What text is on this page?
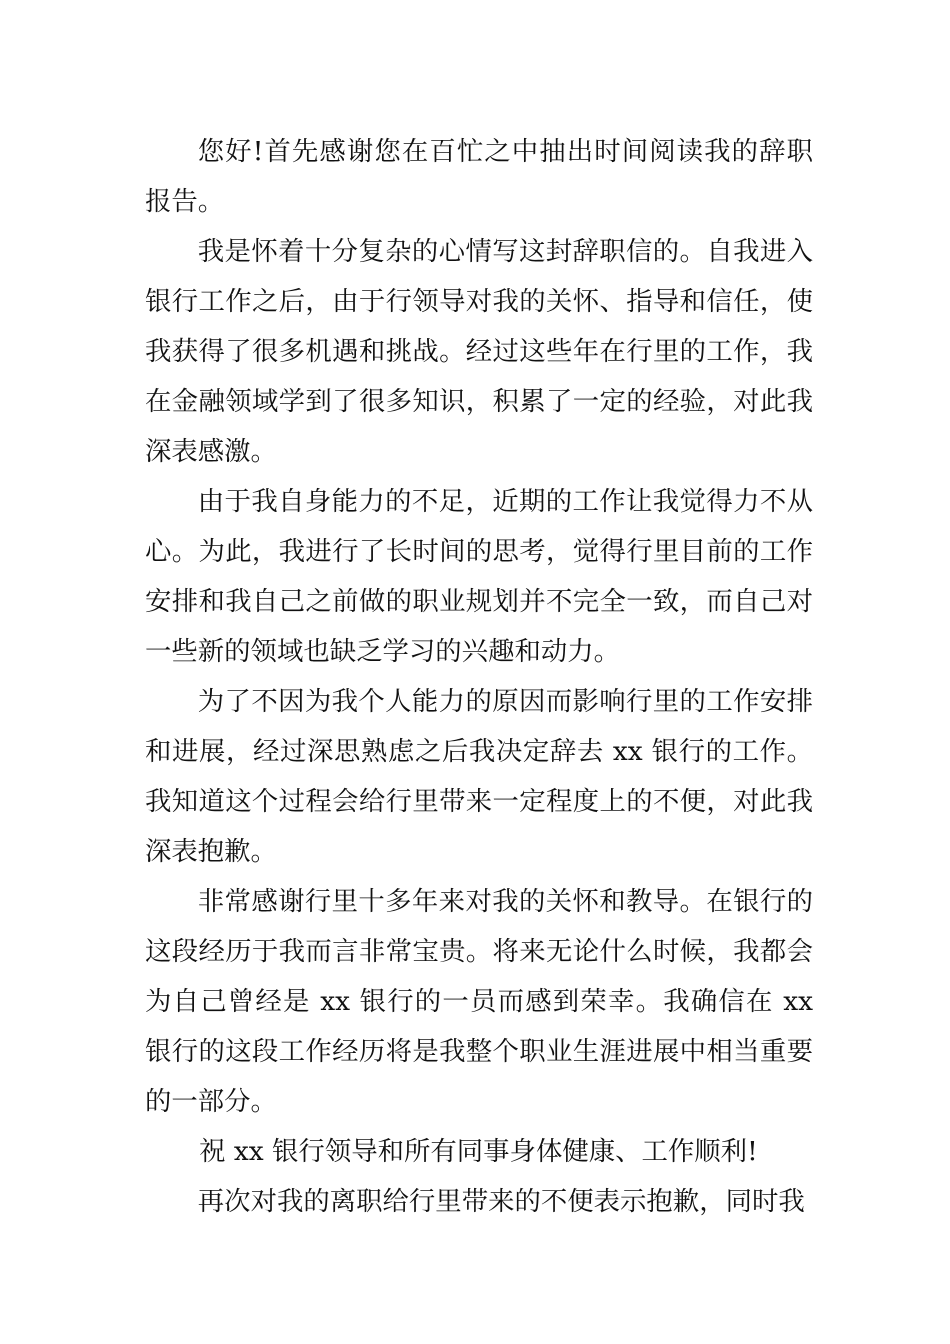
您好!首先感谢您在百忙之中抽出时间阅读我的辞职报告。

我是怀着十分复杂的心情写这封辞职信的。自我进入银行工作之后，由于行领导对我的关怀、指导和信任，使我获得了很多机遇和挑战。经过这些年在行里的工作，我在金融领域学到了很多知识，积累了一定的经验，对此我深表感激。

由于我自身能力的不足，近期的工作让我觉得力不从心。为此，我进行了长时间的思考，觉得行里目前的工作安排和我自己之前做的职业规划并不完全一致，而自己对一些新的领域也缺乏学习的兴趣和动力。

为了不因为我个人能力的原因而影响行里的工作安排和进展，经过深思熟虑之后我决定辞去 xx 银行的工作。我知道这个过程会给行里带来一定程度上的不便，对此我深表抱歉。

非常感谢行里十多年来对我的关怀和教导。在银行的这段经历于我而言非常宝贵。将来无论什么时候，我都会为自己曾经是 xx 银行的一员而感到荣幸。我确信在 xx 银行的这段工作经历将是我整个职业生涯进展中相当重要的一部分。

祝 xx 银行领导和所有同事身体健康、工作顺利!

再次对我的离职给行里带来的不便表示抱歉，同时我
